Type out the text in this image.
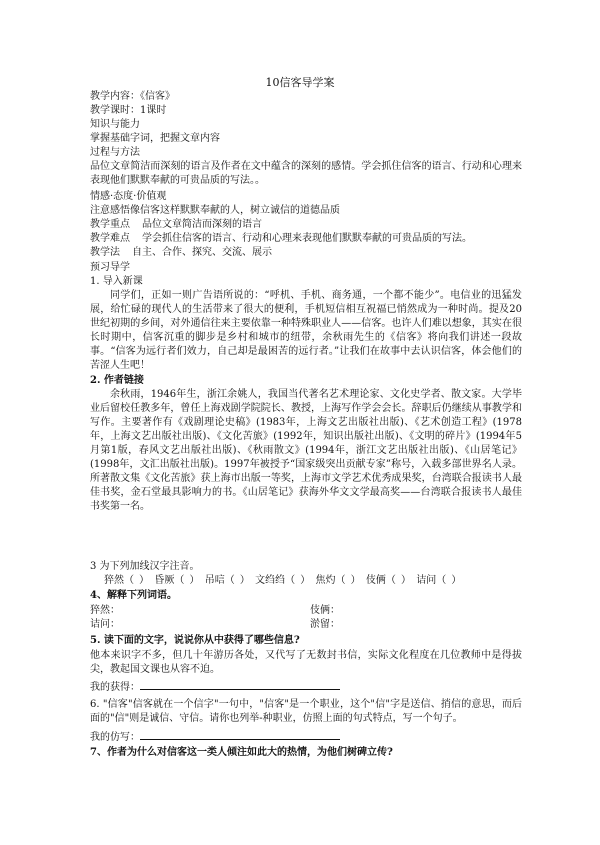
10信客导学案
教学内容：《信客》
教学课时：1课时
知识与能力
掌握基础字词，把握文章内容
过程与方法
品位文章简洁而深刻的语言及作者在文中蕴含的深刻的感情。学会抓住信客的语言、行动和心理来表现他们默默奉献的可贵品质的写法。。
情感·态度·价值观
注意感悟像信客这样默默奉献的人，树立诚信的道德品质
教学重点 品位文章简洁而深刻的语言
教学难点 学会抓住信客的语言、行动和心理来表现他们默默奉献的可贵品质的写法。
教学法 自主、合作、探究、交流、展示
预习导学
1. 导入新课
同学们，正如一则广告语所说的：“呼机、手机、商务通，一个都不能少”。电信业的迅猛发展，给忙碌的现代人的生活带来了很大的便利，手机短信相互祝福已悄然成为一种时尚。提及20世纪初期的乡间，对外通信往来主要依靠一种特殊职业人——信客。也许人们难以想象，其实在很长时期中，信客沉重的脚步是乡村和城市的纽带，余秋雨先生的《信客》将向我们讲述一段故事。“信客为远行者们效力，自己却是最困苦的远行者。”让我们在故事中去认识信客，体会他们的苦涩人生吧！
2. 作者链接
余秋雨，1946年生，浙江余姚人，我国当代著名艺术理论家、文化史学者、散文家。大学毕业后留校任教多年，曾任上海戏剧学院院长、教授，上海写作学会会长。辞职后仍继续从事教学和写作。主要著作有《戏剧理论史稿》(1983年，上海文艺出版社出版)、《艺术创造工程》(1978年，上海文艺出版社出版)、《文化苦旅》(1992年，知识出版社出版)、《文明的碎片》(1994年5月第1版，春风文艺出版社出版)、《秋雨散文》(1994年，浙江文艺出版社出版)、《山居笔记》(1998年，文汇出版社出版)。1997年被授予“国家级突出贡献专家”称号，入载多部世界名人录。所著散文集《文化苦旅》获上海市出版一等奖，上海市文学艺术优秀成果奖，台湾联合报读书人最佳书奖，金石堂最具影响力的书。《山居笔记》获海外华文文学最高奖——台湾联合报读书人最佳书奖第一名。
3 为下列加线汉字注音。
猝然（ ） 昏厥（ ） 吊唁（ ） 文绉绉（ ） 焦灼（ ） 伎俩（ ） 诘问（ ）
4、解释下列词语。
猝然：	伎俩：
诘问：	淤留：
5. 读下面的文字，说说你从中获得了哪些信息?
他本来识字不多，但几十年游历各处，又代写了无数封书信，实际文化程度在几位教师中是得拔尖，教起国文课也从容不迫。
我的获得：
6. "信客"信客就在一个信字"一句中，"信客"是一个职业，这个"信"字是送信、捎信的意思，而后面的"信"则是诚信、守信。请你也列举-种职业，仿照上面的句式特点，写一个句子。
我的仿写：
7、作者为什么对信客这一类人倾注如此大的热情，为他们树碑立传?
